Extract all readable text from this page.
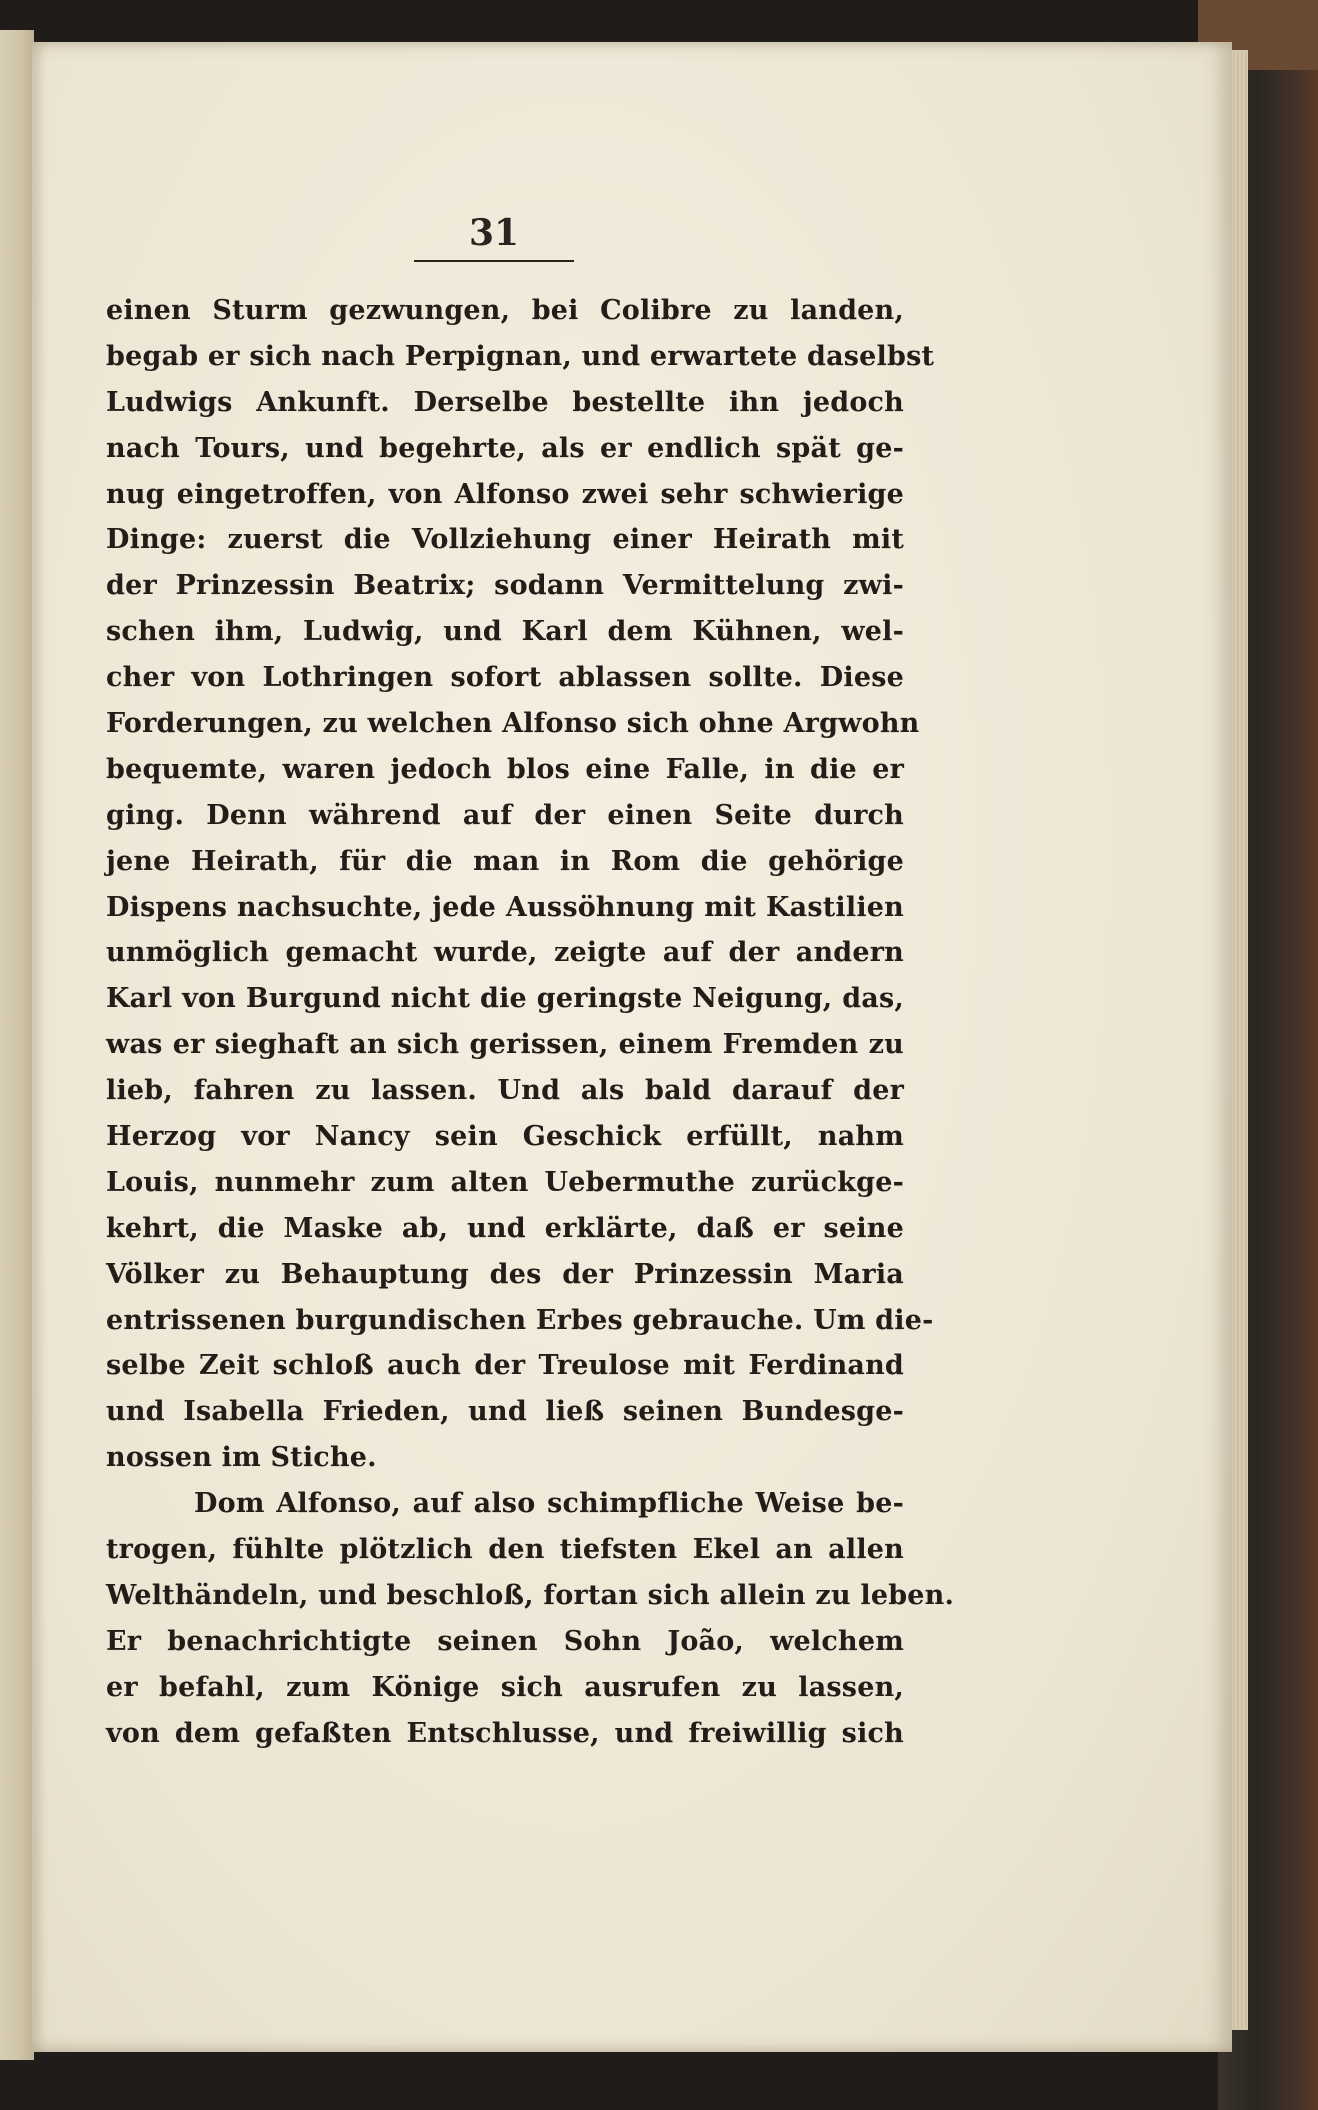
31
einen Sturm gezwungen, bei Colibre zu landen,
begab er sich nach Perpignan, und erwartete daselbst
Ludwigs Ankunft. Derselbe bestellte ihn jedoch
nach Tours, und begehrte, als er endlich spät ge-
nug eingetroffen, von Alfonso zwei sehr schwierige
Dinge: zuerst die Vollziehung einer Heirath mit
der Prinzessin Beatrix; sodann Vermittelung zwi-
schen ihm, Ludwig, und Karl dem Kühnen, wel-
cher von Lothringen sofort ablassen sollte. Diese
Forderungen, zu welchen Alfonso sich ohne Argwohn
bequemte, waren jedoch blos eine Falle, in die er
ging. Denn während auf der einen Seite durch
jene Heirath, für die man in Rom die gehörige
Dispens nachsuchte, jede Aussöhnung mit Kastilien
unmöglich gemacht wurde, zeigte auf der andern
Karl von Burgund nicht die geringste Neigung, das,
was er sieghaft an sich gerissen, einem Fremden zu
lieb, fahren zu lassen. Und als bald darauf der
Herzog vor Nancy sein Geschick erfüllt, nahm
Louis, nunmehr zum alten Uebermuthe zurückge-
kehrt, die Maske ab, und erklärte, daß er seine
Völker zu Behauptung des der Prinzessin Maria
entrissenen burgundischen Erbes gebrauche. Um die-
selbe Zeit schloß auch der Treulose mit Ferdinand
und Isabella Frieden, und ließ seinen Bundesge-
nossen im Stiche.
Dom Alfonso, auf also schimpfliche Weise be-
trogen, fühlte plötzlich den tiefsten Ekel an allen
Welthändeln, und beschloß, fortan sich allein zu leben.
Er benachrichtigte seinen Sohn João, welchem
er befahl, zum Könige sich ausrufen zu lassen,
von dem gefaßten Entschlusse, und freiwillig sich
